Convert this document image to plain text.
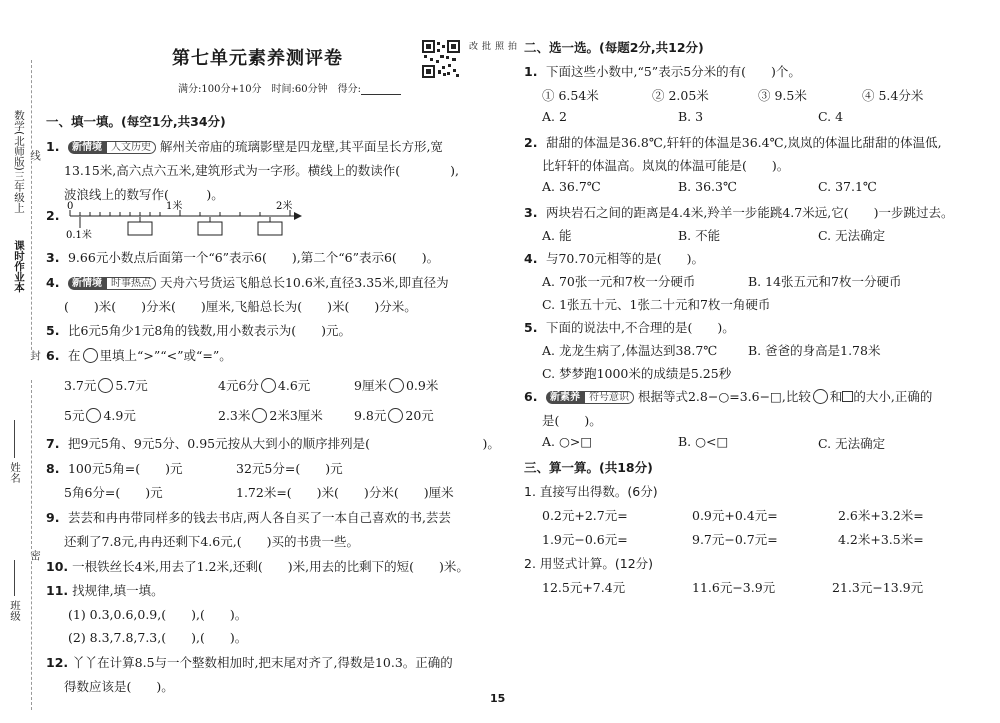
数学(北师版)三年级上
课时作业本
线
封
姓名
密
班级
第七单元素养测评卷
满分:100分+10分　时间:60分钟　得分:
拍照批改
一、填一填。(每空1分,共34分)
1. 新情境 人文历史 解州关帝庙的琉璃影壁是四龙壁,其平面呈长方形,宽
13.15米,高六点六五米,建筑形式为一字形。横线上的数读作(　　　　),
波浪线上的数写作(　　　)。
2.
0	1米	2米
0.1米
3. 9.66元小数点后面第一个“6”表示6(　　),第二个“6”表示6(　　)。
4. 新情境 时事热点 天舟六号货运飞船总长10.6米,直径3.35米,即直径为
(　　)米(　　)分米(　　)厘米,飞船总长为(　　)米(　　)分米。
5. 比6元5角少1元8角的钱数,用小数表示为(　　)元。
6. 在 里填上“>”“<”或“=”。
3.7元 5.7元	4元6分 4.6元	9厘米 0.9米
5元 4.9元	2.3米 2米3厘米 9.8元 20元
7. 把9元5角、9元5分、0.95元按从大到小的顺序排列是(　　　　　　　　　)。
8. 100元5角=(　　)元	32元5分=(　　)元
5角6分=(　　)元	1.72米=(　　)米(　　)分米(　　)厘米
9. 芸芸和冉冉带同样多的钱去书店,两人各自买了一本自己喜欢的书,芸芸
还剩了7.8元,冉冉还剩下4.6元,(　　)买的书贵一些。
10. 一根铁丝长4米,用去了1.2米,还剩(　　)米,用去的比剩下的短(　　)米。
11. 找规律,填一填。
(1) 0.3,0.6,0.9,(　　),(　　)。
(2) 8.3,7.8,7.3,(　　),(　　)。
12. 丫丫在计算8.5与一个整数相加时,把末尾对齐了,得数是10.3。正确的
得数应该是(　　)。
二、选一选。(每题2分,共12分)
1. 下面这些小数中,“5”表示5分米的有(　　)个。
① 6.54米	② 2.05米	③ 9.5米	④ 5.4分米
A. 2	B. 3	C. 4
2. 甜甜的体温是36.8℃,轩轩的体温是36.4℃,岚岚的体温比甜甜的体温低,
比轩轩的体温高。岚岚的体温可能是(　　)。
A. 36.7℃	B. 36.3℃	C. 37.1℃
3. 两块岩石之间的距离是4.4米,羚羊一步能跳4.7米远,它(　　)一步跳过去。
A. 能	B. 不能	C. 无法确定
4. 与70.70元相等的是(　　)。
A. 70张一元和7枚一分硬币	B. 14张五元和7枚一分硬币
C. 1张五十元、1张二十元和7枚一角硬币
5. 下面的说法中,不合理的是(　　)。
A. 龙龙生病了,体温达到38.7℃ B. 爸爸的身高是1.78米
C. 梦梦跑1000米的成绩是5.25秒
6. 新素养 符号意识 根据等式2.8−○=3.6−□,比较 和 的大小,正确的
是(　　)。
A. ○>□	B. ○<□	C. 无法确定
三、算一算。(共18分)
1. 直接写出得数。(6分)
0.2元+2.7元=	0.9元+0.4元=	2.6米+3.2米=
1.9元−0.6元=	9.7元−0.7元=	4.2米+3.5米=
2. 用竖式计算。(12分)
12.5元+7.4元	11.6元−3.9元	21.3元−13.9元
15
